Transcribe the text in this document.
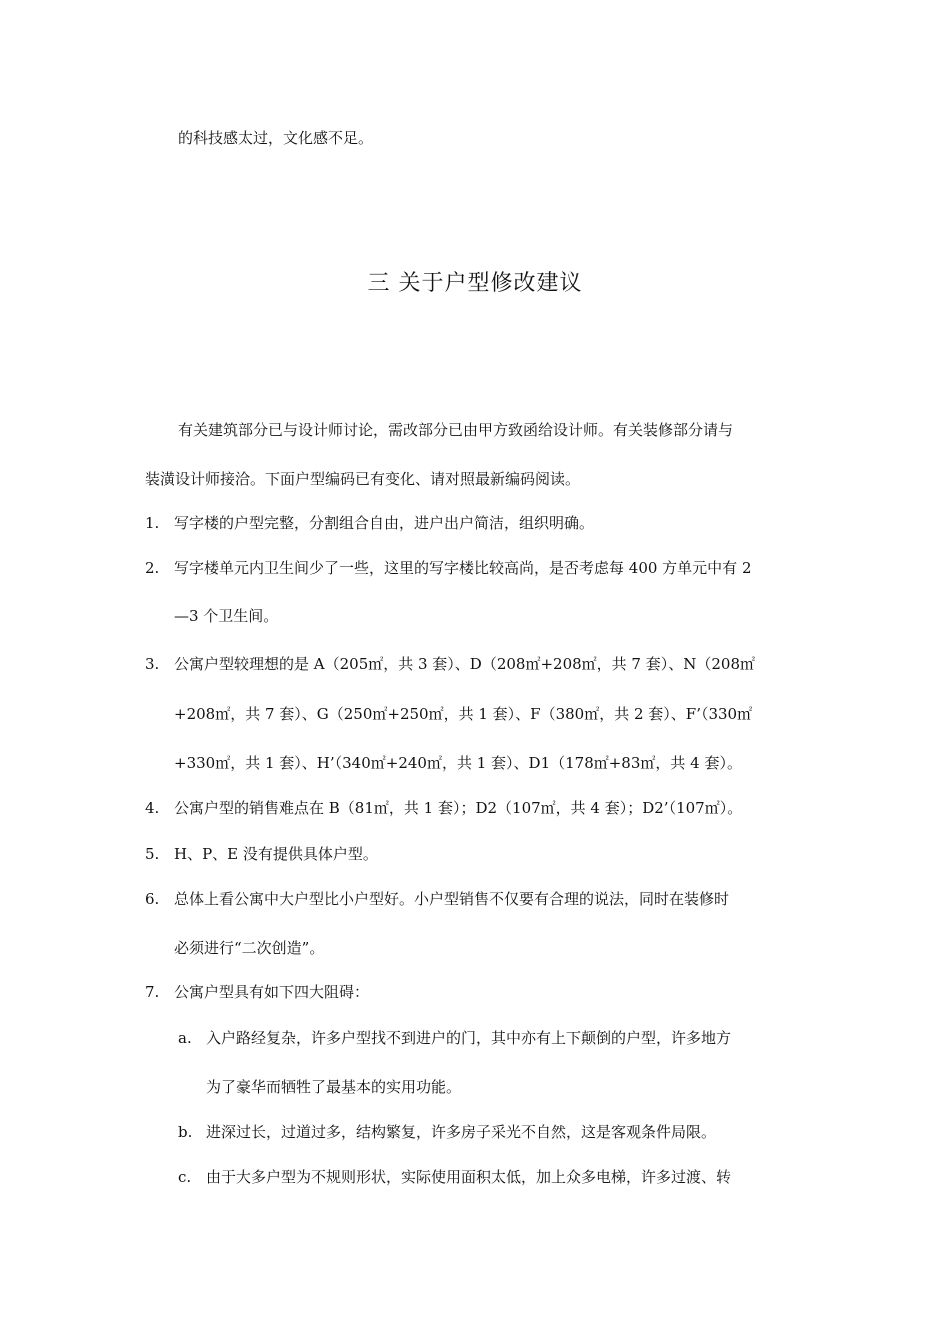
的科技感太过，文化感不足。
三 关于户型修改建议
有关建筑部分已与设计师讨论，需改部分已由甲方致函给设计师。有关装修部分请与
装潢设计师接洽。下面户型编码已有变化、请对照最新编码阅读。
1. 写字楼的户型完整，分割组合自由，进户出户简洁，组织明确。
2. 写字楼单元内卫生间少了一些，这里的写字楼比较高尚，是否考虑每 400 方单元中有 2
—3 个卫生间。
3. 公寓户型较理想的是 A（205㎡，共 3 套）、D（208㎡+208㎡，共 7 套）、N（208㎡
+208㎡，共 7 套）、G（250㎡+250㎡，共 1 套）、F（380㎡，共 2 套）、F’（330㎡
+330㎡，共 1 套）、H’（340㎡+240㎡，共 1 套）、D1（178㎡+83㎡，共 4 套）。
4. 公寓户型的销售难点在 B（81㎡，共 1 套）；D2（107㎡，共 4 套）；D2’（107㎡）。
5. H、P、E 没有提供具体户型。
6. 总体上看公寓中大户型比小户型好。小户型销售不仅要有合理的说法，同时在装修时
必须进行“二次创造”。
7. 公寓户型具有如下四大阻碍：
a. 入户路经复杂，许多户型找不到进户的门，其中亦有上下颠倒的户型，许多地方
为了豪华而牺牲了最基本的实用功能。
b. 进深过长，过道过多，结构繁复，许多房子采光不自然，这是客观条件局限。
c. 由于大多户型为不规则形状，实际使用面积太低，加上众多电梯，许多过渡、转
